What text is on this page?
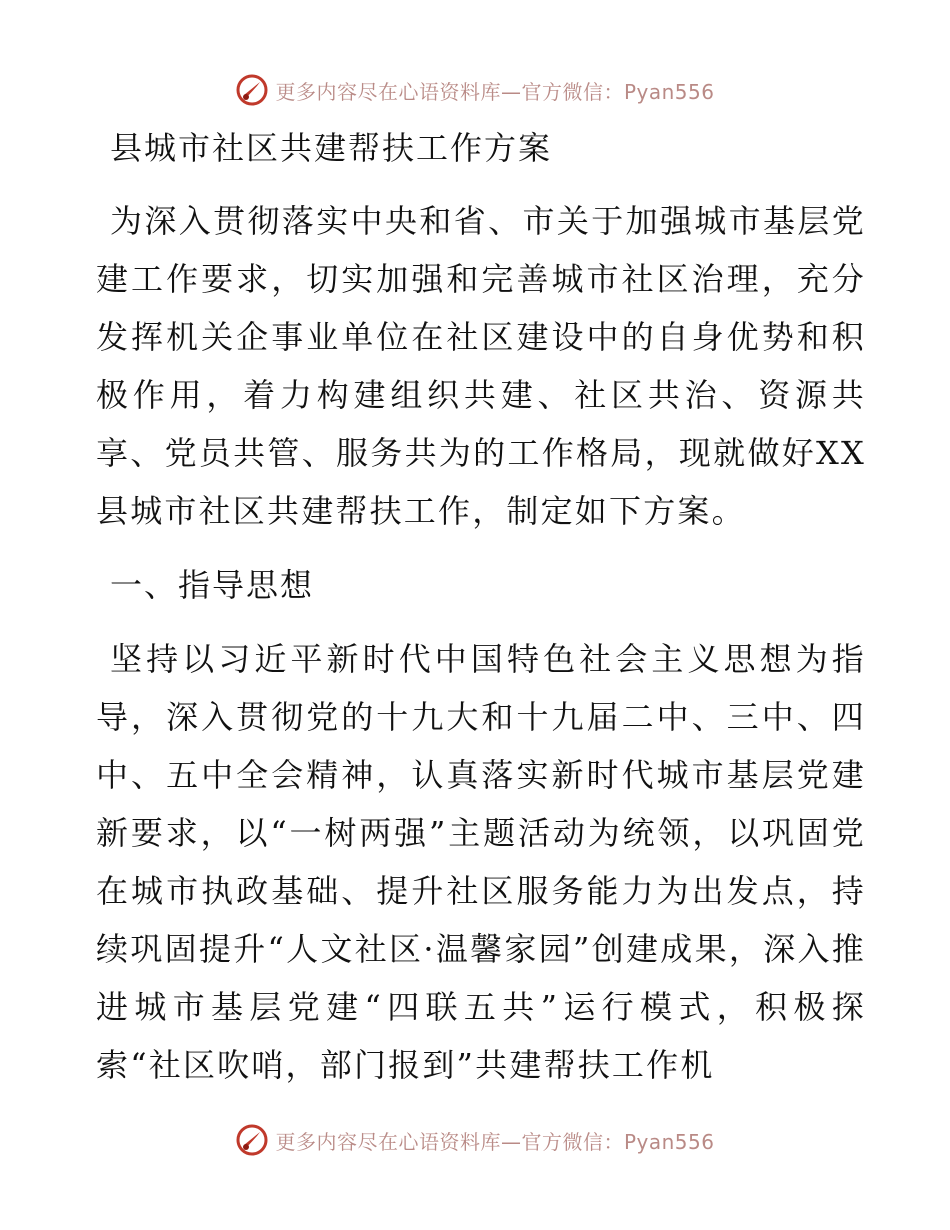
更多内容尽在心语资料库—官方微信：Pyan556
县城市社区共建帮扶工作方案

为深入贯彻落实中央和省、市关于加强城市基层党建工作要求，切实加强和完善城市社区治理，充分发挥机关企事业单位在社区建设中的自身优势和积极作用，着力构建组织共建、社区共治、资源共享、党员共管、服务共为的工作格局，现就做好XX县城市社区共建帮扶工作，制定如下方案。

一、指导思想

坚持以习近平新时代中国特色社会主义思想为指导，深入贯彻党的十九大和十九届二中、三中、四中、五中全会精神，认真落实新时代城市基层党建新要求，以“一树两强”主题活动为统领，以巩固党在城市执政基础、提升社区服务能力为出发点，持续巩固提升“人文社区·温馨家园”创建成果，深入推进城市基层党建“四联五共”运行模式，积极探索“社区吹哨，部门报到”共建帮扶工作机

更多内容尽在心语资料库—官方微信：Pyan556
